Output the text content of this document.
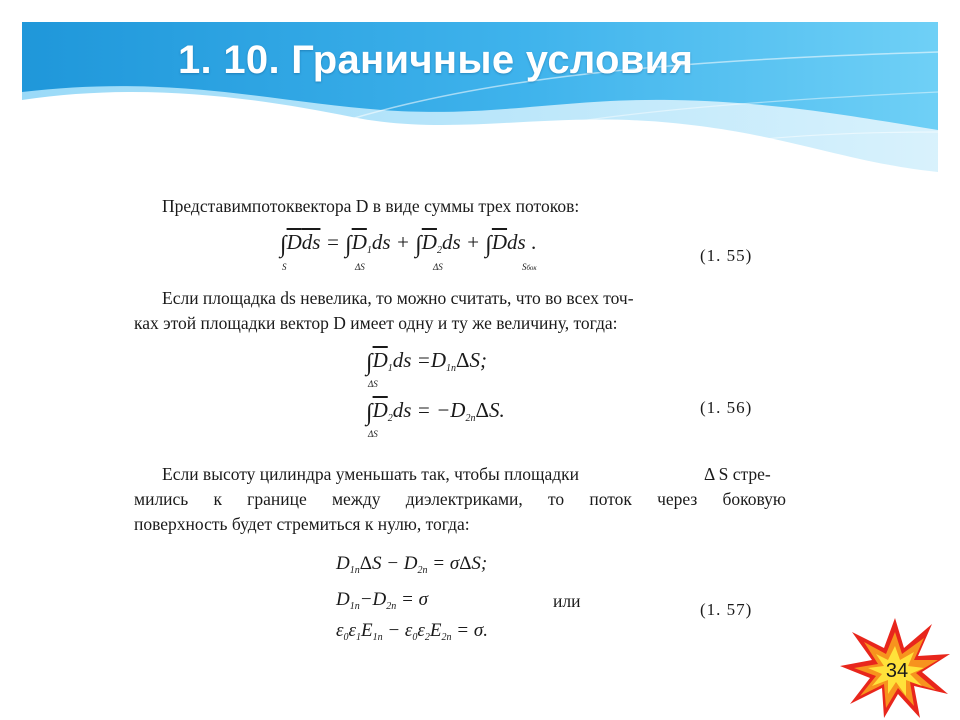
1. 10. Граничные условия
Представимпотоквектора D в виде суммы трех потоков:
$\int\overline{D}\overline{ds} = \int\overline{D}_1ds + \int\overline{D}_2ds + \int\overline{D}ds$ .
S	ΔS	ΔS	Sбок
(1. 55)
Если площадка ds невелика, то можно считать, что во всех точ-
ках этой площадки вектор D имеет одну и ту же величину, тогда:
$\int\overline{D}_1ds =D_{1n}\Delta S$;
ΔS
$\int\overline{D}_2ds = -D_{2n}\Delta S$.
ΔS
(1. 56)
Если высоту цилиндра уменьшать так, чтобы площадки	Δ S стре-
мились к границе между диэлектриками, то поток через боковую
поверхность будет стремиться к нулю, тогда:
$D_{1n}\Delta S - D_{2n} = \sigma\Delta S$;
$D_{1n}-D_{2n} = \sigma$	или
$\varepsilon_0\varepsilon_1E_{1n} - \varepsilon_0\varepsilon_2E_{2n} = \sigma$.
(1. 57)
34
